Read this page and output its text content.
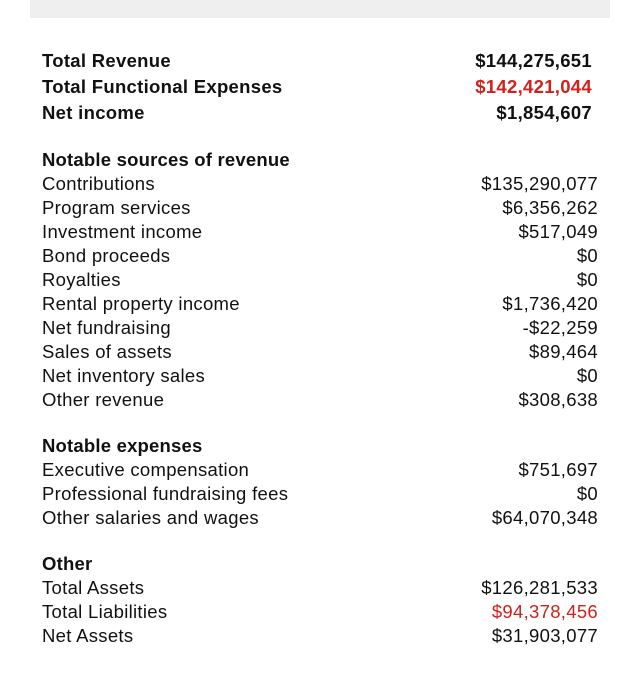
Total Revenue	$144,275,651
Total Functional Expenses	$142,421,044
Net income	$1,854,607
Notable sources of revenue
Contributions	$135,290,077
Program services	$6,356,262
Investment income	$517,049
Bond proceeds	$0
Royalties	$0
Rental property income	$1,736,420
Net fundraising	-$22,259
Sales of assets	$89,464
Net inventory sales	$0
Other revenue	$308,638
Notable expenses
Executive compensation	$751,697
Professional fundraising fees	$0
Other salaries and wages	$64,070,348
Other
Total Assets	$126,281,533
Total Liabilities	$94,378,456
Net Assets	$31,903,077
